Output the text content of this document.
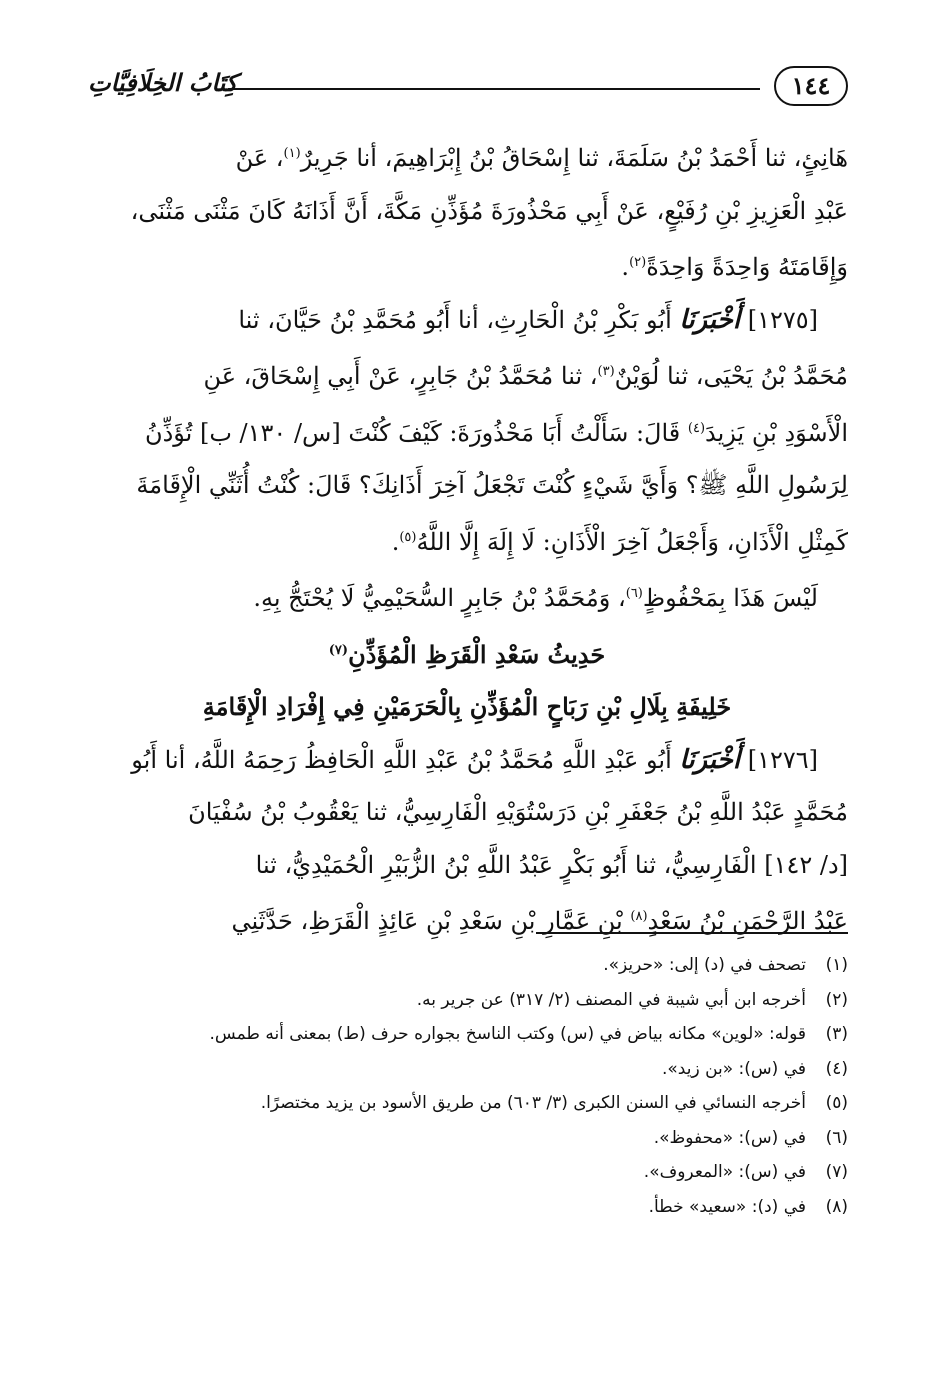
١٤٤
كِتَابُ الخِلَافِيَّاتِ

هَانِئٍ، ثنا أَحْمَدُ بْنُ سَلَمَةَ، ثنا إِسْحَاقُ بْنُ إِبْرَاهِيمَ، أنا جَرِيرٌ$^{(١)}$، عَنْ

عَبْدِ الْعَزِيزِ بْنِ رُفَيْعٍ، عَنْ أَبِي مَحْذُورَةَ مُؤَذِّنِ مَكَّةَ، أَنَّ أَذَانَهُ كَانَ مَثْنَى مَثْنَى،

وَإِقَامَتَهُ وَاحِدَةً وَاحِدَةً$^{(٢)}$.

[١٢٧٥] أَخْبَرَنَا أَبُو بَكْرِ بْنُ الْحَارِثِ، أنا أَبُو مُحَمَّدِ بْنُ حَيَّانَ، ثنا

مُحَمَّدُ بْنُ يَحْيَى، ثنا لُوَيْنٌ$^{(٣)}$، ثنا مُحَمَّدُ بْنُ جَابِرٍ، عَنْ أَبِي إِسْحَاقَ، عَنِ

الْأَسْوَدِ بْنِ يَزِيدَ$^{(٤)}$ قَالَ: سَأَلْتُ أَبَا مَحْذُورَةَ: كَيْفَ كُنْتَ [س/ ١٣٠/ ب] تُؤَذِّنُ

لِرَسُولِ اللَّهِ ﷺ؟ وَأَيَّ شَيْءٍ كُنْتَ تَجْعَلُ آخِرَ أَذَانِكَ؟ قَالَ: كُنْتُ أُثَنِّي الْإِقَامَةَ

كَمِثْلِ الْأَذَانِ، وَأَجْعَلُ آخِرَ الْأَذَانِ: لَا إِلَهَ إِلَّا اللَّهُ$^{(٥)}$.

لَيْسَ هَذَا بِمَحْفُوظٍ$^{(٦)}$، وَمُحَمَّدُ بْنُ جَابِرٍ السُّحَيْمِيُّ لَا يُحْتَجُّ بِهِ.

حَدِيثُ سَعْدِ الْقَرَظِ الْمُؤَذِّنِ$^{(٧)}$

خَلِيفَةِ بِلَالِ بْنِ رَبَاحٍ الْمُؤَذِّنِ بِالْحَرَمَيْنِ فِي إِفْرَادِ الْإِقَامَةِ

[١٢٧٦] أَخْبَرَنَا أَبُو عَبْدِ اللَّهِ مُحَمَّدُ بْنُ عَبْدِ اللَّهِ الْحَافِظُ رَحِمَهُ اللَّهُ، أنا أَبُو

مُحَمَّدٍ عَبْدُ اللَّهِ بْنُ جَعْفَرِ بْنِ دَرَسْتُوَيْهِ الْفَارِسِيُّ، ثنا يَعْقُوبُ بْنُ سُفْيَانَ

[د/ ١٤٢] الْفَارِسِيُّ، ثنا أَبُو بَكْرٍ عَبْدُ اللَّهِ بْنُ الزُّبَيْرِ الْحُمَيْدِيُّ، ثنا

عَبْدُ الرَّحْمَنِ بْنُ سَعْدٍ$^{(٨)}$ بْنِ عَمَّارِ بْنِ سَعْدِ بْنِ عَائِذٍ الْقَرَظِ، حَدَّثَنِي

(١)
تصحف في (د) إلى: «حريز».
(٢)
أخرجه ابن أبي شيبة في المصنف (٢/ ٣١٧) عن جرير به.
(٣)
قوله: «لوين» مكانه بياض في (س) وكتب الناسخ بجواره حرف (ط) بمعنى أنه طمس.
(٤)
في (س): «بن زيد».
(٥)
أخرجه النسائي في السنن الكبرى (٣/ ٦٠٣) من طريق الأسود بن يزيد مختصرًا.
(٦)
في (س): «محفوظ».
(٧)
في (س): «المعروف».
(٨)
في (د): «سعيد» خطأ.
